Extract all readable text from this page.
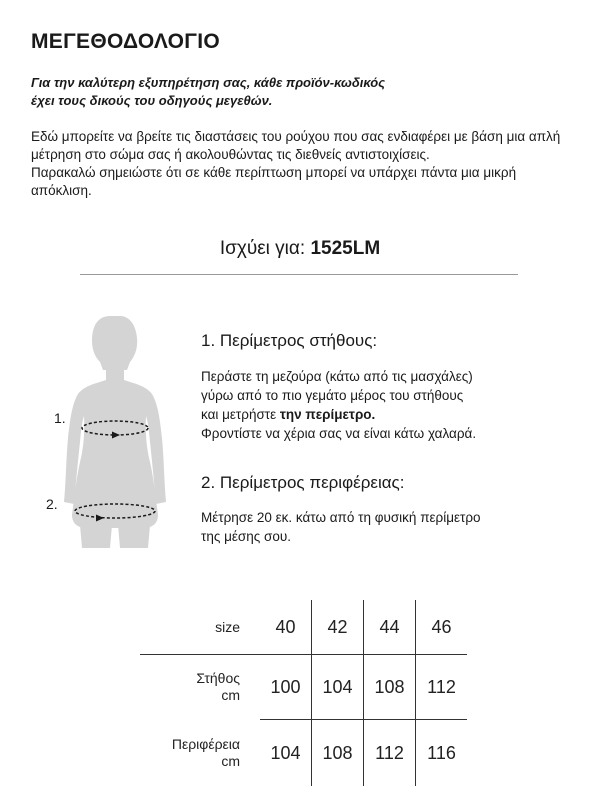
ΜΕΓΕΘΟΔΟΛΟΓΙΟ
Για την καλύτερη εξυπηρέτηση σας, κάθε προϊόν-κωδικός
έχει τους δικούς του οδηγούς μεγεθών.

Εδώ μπορείτε να βρείτε τις διαστάσεις του ρούχου που σας ενδιαφέρει με βάση μια απλή μέτρηση στο σώμα σας ή ακολουθώντας τις διεθνείς αντιστοιχίσεις.

Παρακαλώ σημειώστε ότι σε κάθε περίπτωση μπορεί να υπάρχει πάντα μια μικρή απόκλιση.

Ισχύει για: 1525LM
1.
2.
1. Περίμετρος στήθους:
Περάστε τη μεζούρα (κάτω από τις μασχάλες)
γύρω από το πιο γεμάτο μέρος του στήθους
και μετρήστε την περίμετρο.
Φροντίστε να χέρια σας να είναι κάτω χαλαρά.
2. Περίμετρος περιφέρειας:
Μέτρησε 20 εκ. κάτω από τη φυσική περίμετρο
της μέσης σου.
size	40	42	44	46

Στήθος
cm	100	104	108	112

Περιφέρεια
cm	104	108	112	116
